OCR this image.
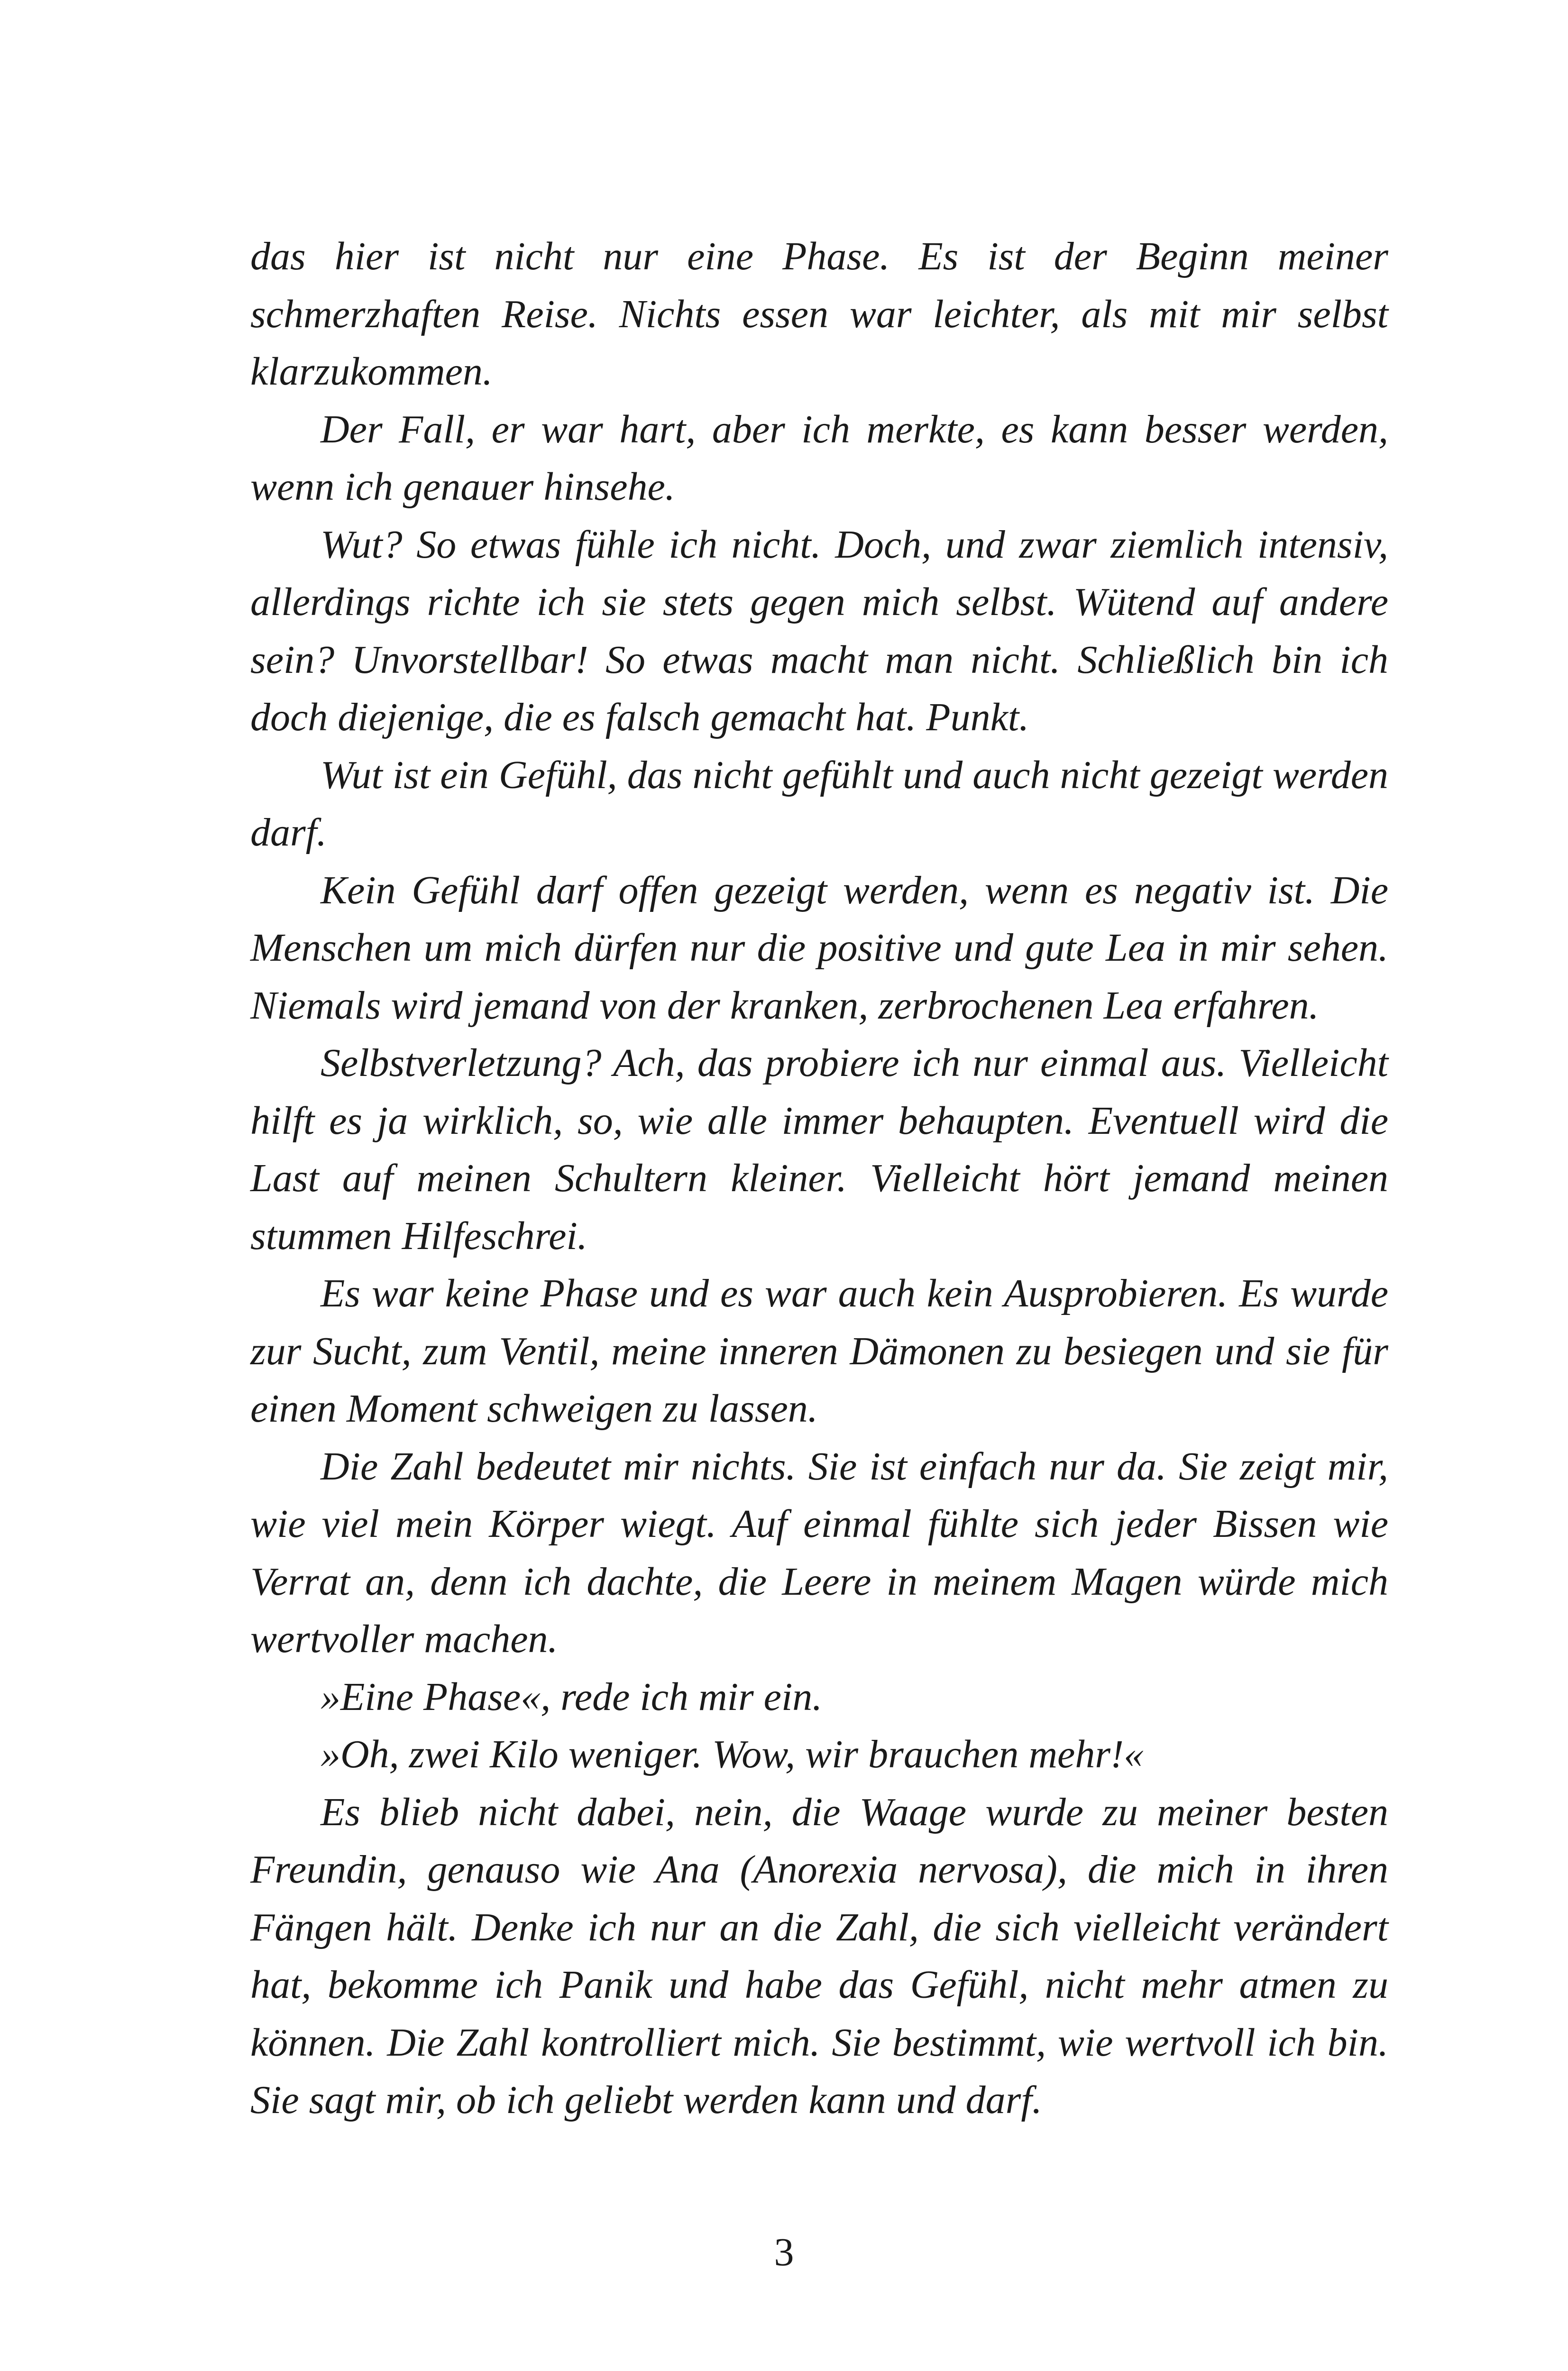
das hier ist nicht nur eine Phase. Es ist der Beginn meiner schmerzhaften Reise. Nichts essen war leichter, als mit mir selbst klarzukommen.

Der Fall, er war hart, aber ich merkte, es kann besser werden, wenn ich genauer hinsehe.

Wut? So etwas fühle ich nicht. Doch, und zwar ziemlich intensiv, allerdings richte ich sie stets gegen mich selbst. Wütend auf andere sein? Unvorstellbar! So etwas macht man nicht. Schließlich bin ich doch diejenige, die es falsch gemacht hat. Punkt.

Wut ist ein Gefühl, das nicht gefühlt und auch nicht gezeigt werden darf.

Kein Gefühl darf offen gezeigt werden, wenn es negativ ist. Die Menschen um mich dürfen nur die positive und gute Lea in mir sehen. Niemals wird jemand von der kranken, zerbrochenen Lea erfahren.

Selbstverletzung? Ach, das probiere ich nur einmal aus. Vielleicht hilft es ja wirklich, so, wie alle immer behaupten. Eventuell wird die Last auf meinen Schultern kleiner. Vielleicht hört jemand meinen stummen Hilfeschrei.

Es war keine Phase und es war auch kein Ausprobieren. Es wurde zur Sucht, zum Ventil, meine inneren Dämonen zu besiegen und sie für einen Moment schweigen zu lassen.

Die Zahl bedeutet mir nichts. Sie ist einfach nur da. Sie zeigt mir, wie viel mein Körper wiegt. Auf einmal fühlte sich jeder Bissen wie Verrat an, denn ich dachte, die Leere in meinem Magen würde mich wertvoller machen.

»Eine Phase«, rede ich mir ein.

»Oh, zwei Kilo weniger. Wow, wir brauchen mehr!«

Es blieb nicht dabei, nein, die Waage wurde zu meiner besten Freundin, genauso wie Ana (Anorexia nervosa), die mich in ihren Fängen hält. Denke ich nur an die Zahl, die sich vielleicht verändert hat, bekomme ich Panik und habe das Gefühl, nicht mehr atmen zu können. Die Zahl kontrolliert mich. Sie bestimmt, wie wertvoll ich bin. Sie sagt mir, ob ich geliebt werden kann und darf.

3
